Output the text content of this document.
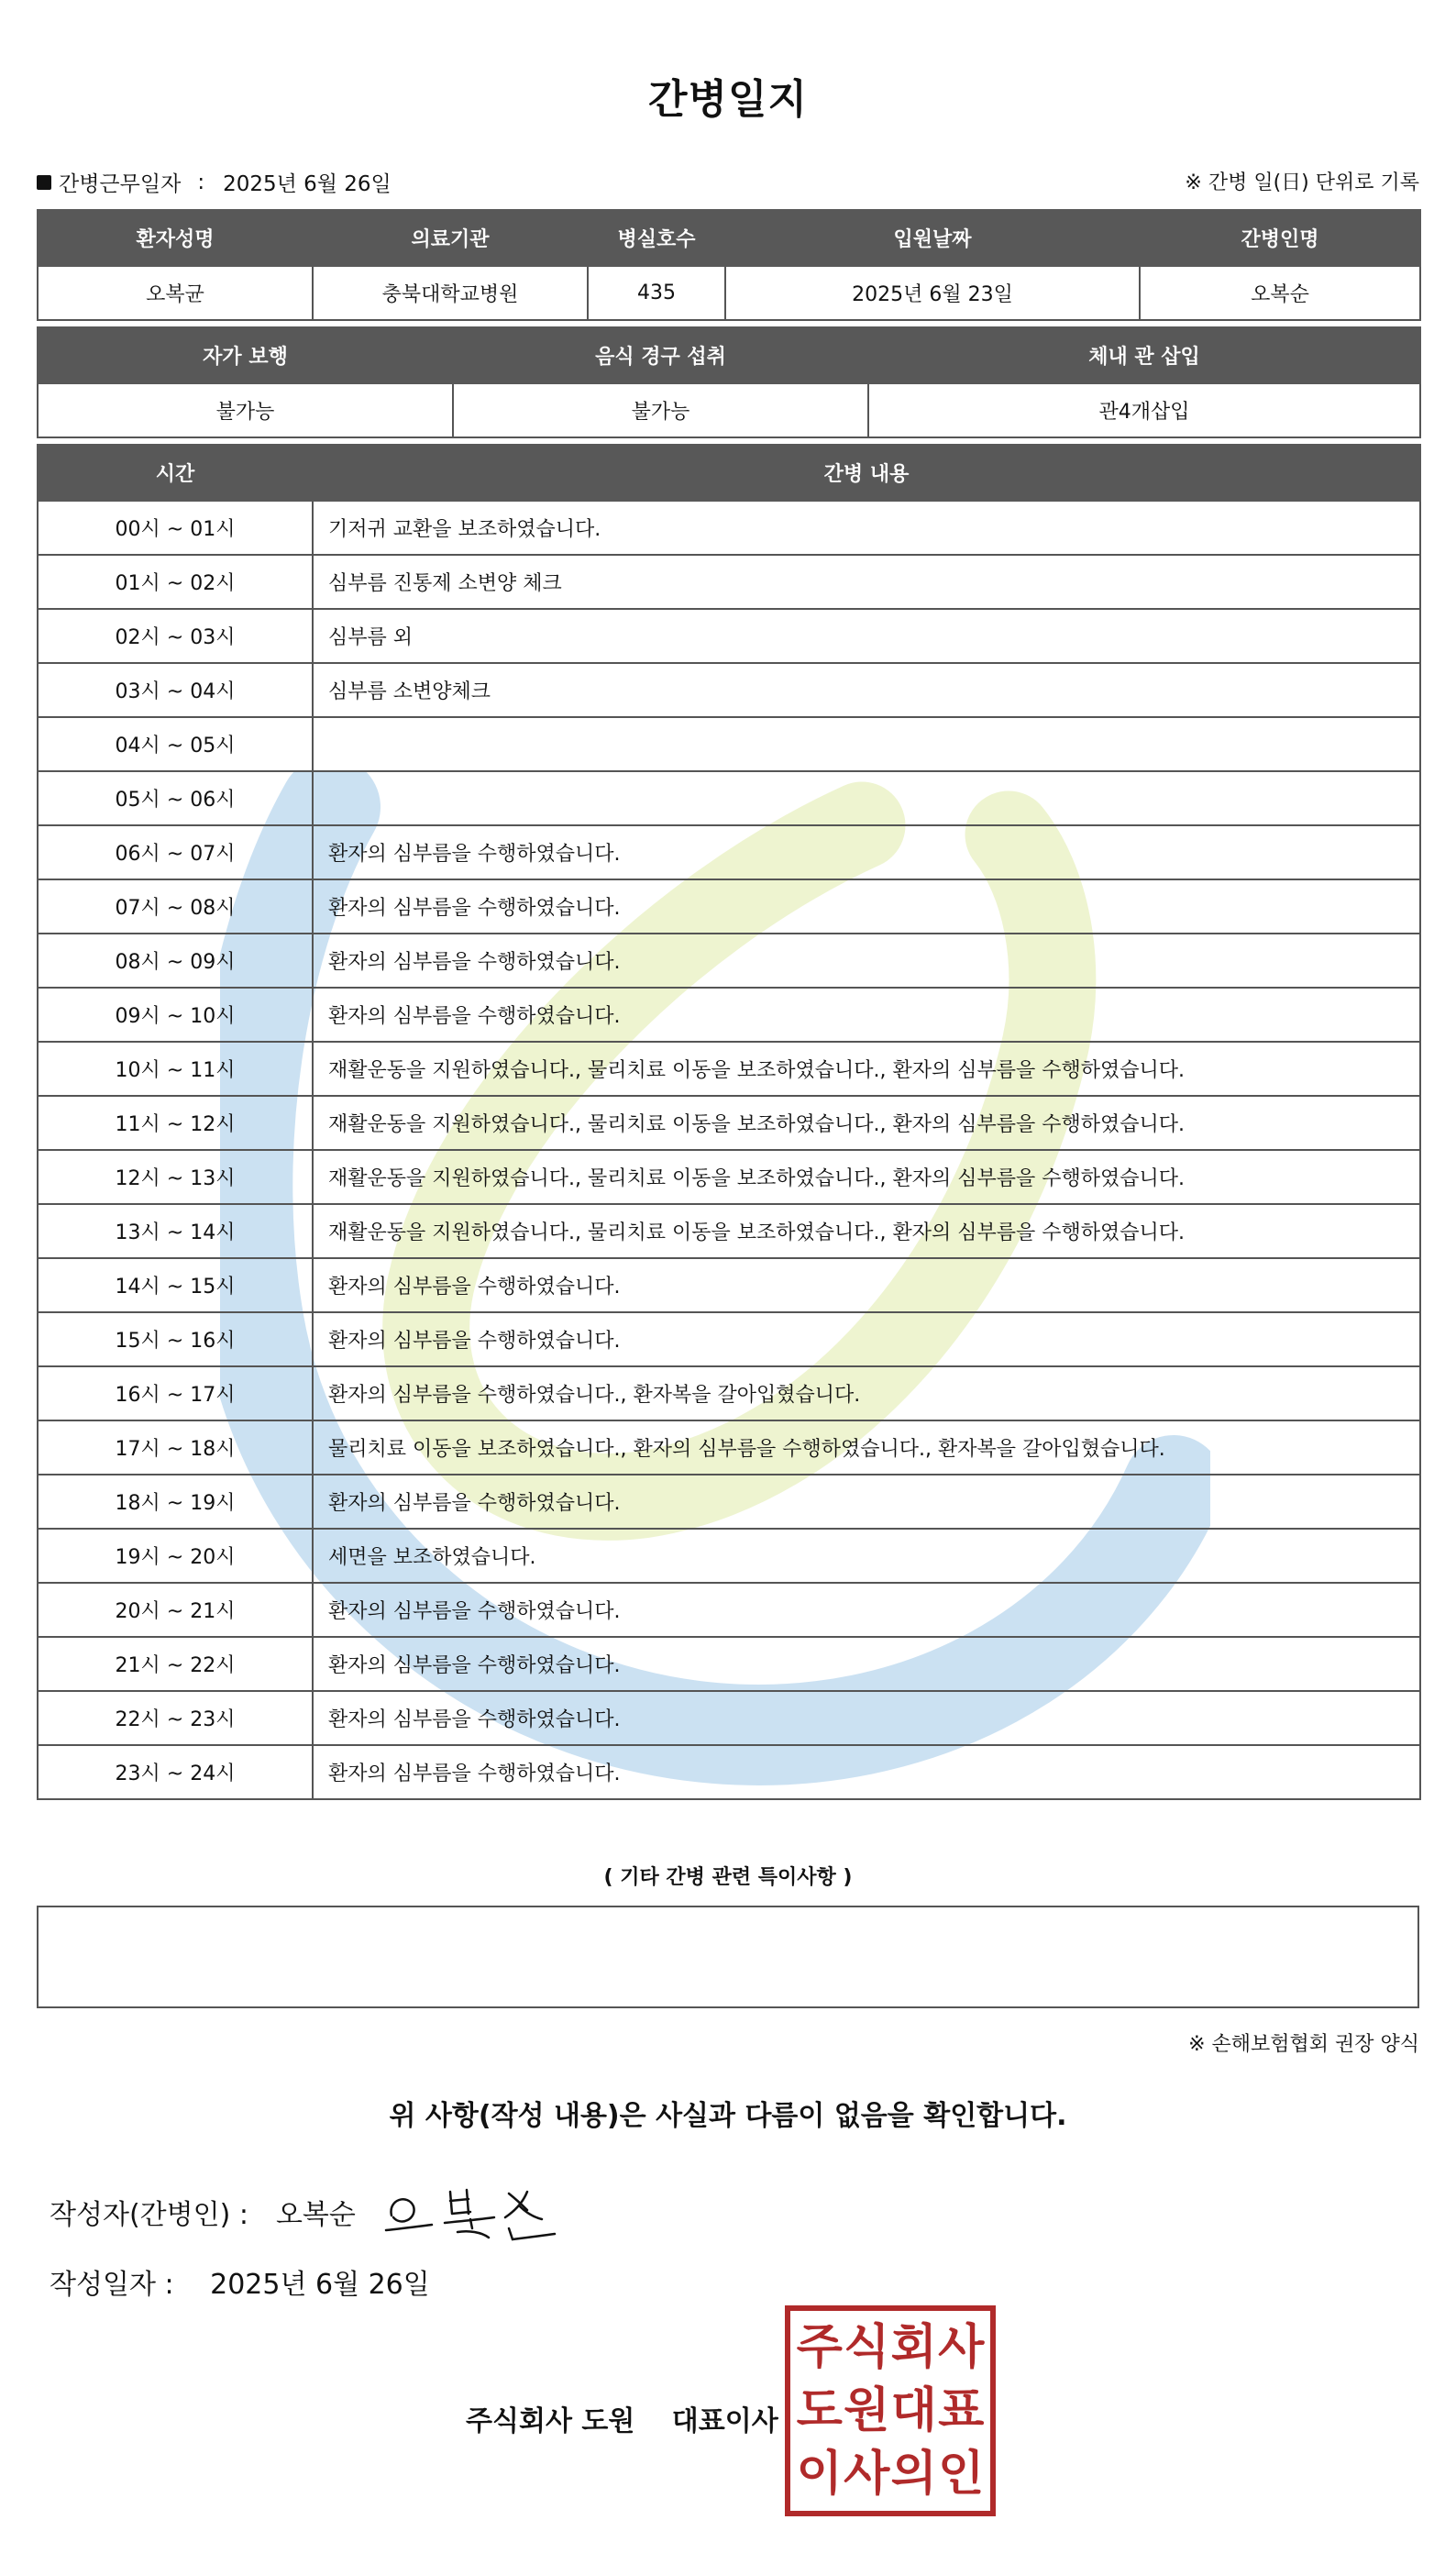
간병일지
간병근무일자 : 2025년 6월 26일	※ 간병 일(日) 단위로 기록
환자성명	의료기관	병실호수	입원날짜	간병인명
오복균	충북대학교병원	435	2025년 6월 23일	오복순
자가 보행	음식 경구 섭취	체내 관 삽입
불가능	불가능	관4개삽입
시간	간병 내용
00시 ~ 01시	기저귀 교환을 보조하였습니다.
01시 ~ 02시	심부름 진통제 소변양 체크
02시 ~ 03시	심부름 외
03시 ~ 04시	심부름 소변양체크
04시 ~ 05시	
05시 ~ 06시	
06시 ~ 07시	환자의 심부름을 수행하였습니다.
07시 ~ 08시	환자의 심부름을 수행하였습니다.
08시 ~ 09시	환자의 심부름을 수행하였습니다.
09시 ~ 10시	환자의 심부름을 수행하였습니다.
10시 ~ 11시	재활운동을 지원하였습니다., 물리치료 이동을 보조하였습니다., 환자의 심부름을 수행하였습니다.
11시 ~ 12시	재활운동을 지원하였습니다., 물리치료 이동을 보조하였습니다., 환자의 심부름을 수행하였습니다.
12시 ~ 13시	재활운동을 지원하였습니다., 물리치료 이동을 보조하였습니다., 환자의 심부름을 수행하였습니다.
13시 ~ 14시	재활운동을 지원하였습니다., 물리치료 이동을 보조하였습니다., 환자의 심부름을 수행하였습니다.
14시 ~ 15시	환자의 심부름을 수행하였습니다.
15시 ~ 16시	환자의 심부름을 수행하였습니다.
16시 ~ 17시	환자의 심부름을 수행하였습니다., 환자복을 갈아입혔습니다.
17시 ~ 18시	물리치료 이동을 보조하였습니다., 환자의 심부름을 수행하였습니다., 환자복을 갈아입혔습니다.
18시 ~ 19시	환자의 심부름을 수행하였습니다.
19시 ~ 20시	세면을 보조하였습니다.
20시 ~ 21시	환자의 심부름을 수행하였습니다.
21시 ~ 22시	환자의 심부름을 수행하였습니다.
22시 ~ 23시	환자의 심부름을 수행하였습니다.
23시 ~ 24시	환자의 심부름을 수행하였습니다.
( 기타 간병 관련 특이사항 )
※ 손해보험협회 권장 양식
위 사항(작성 내용)은 사실과 다름이 없음을 확인합니다.
작성자(간병인) : 오복순
작성일자 : 2025년 6월 26일
주식회사 도원 대표이사
주 식 회 사
도 원 대 표
이 사 의 인
